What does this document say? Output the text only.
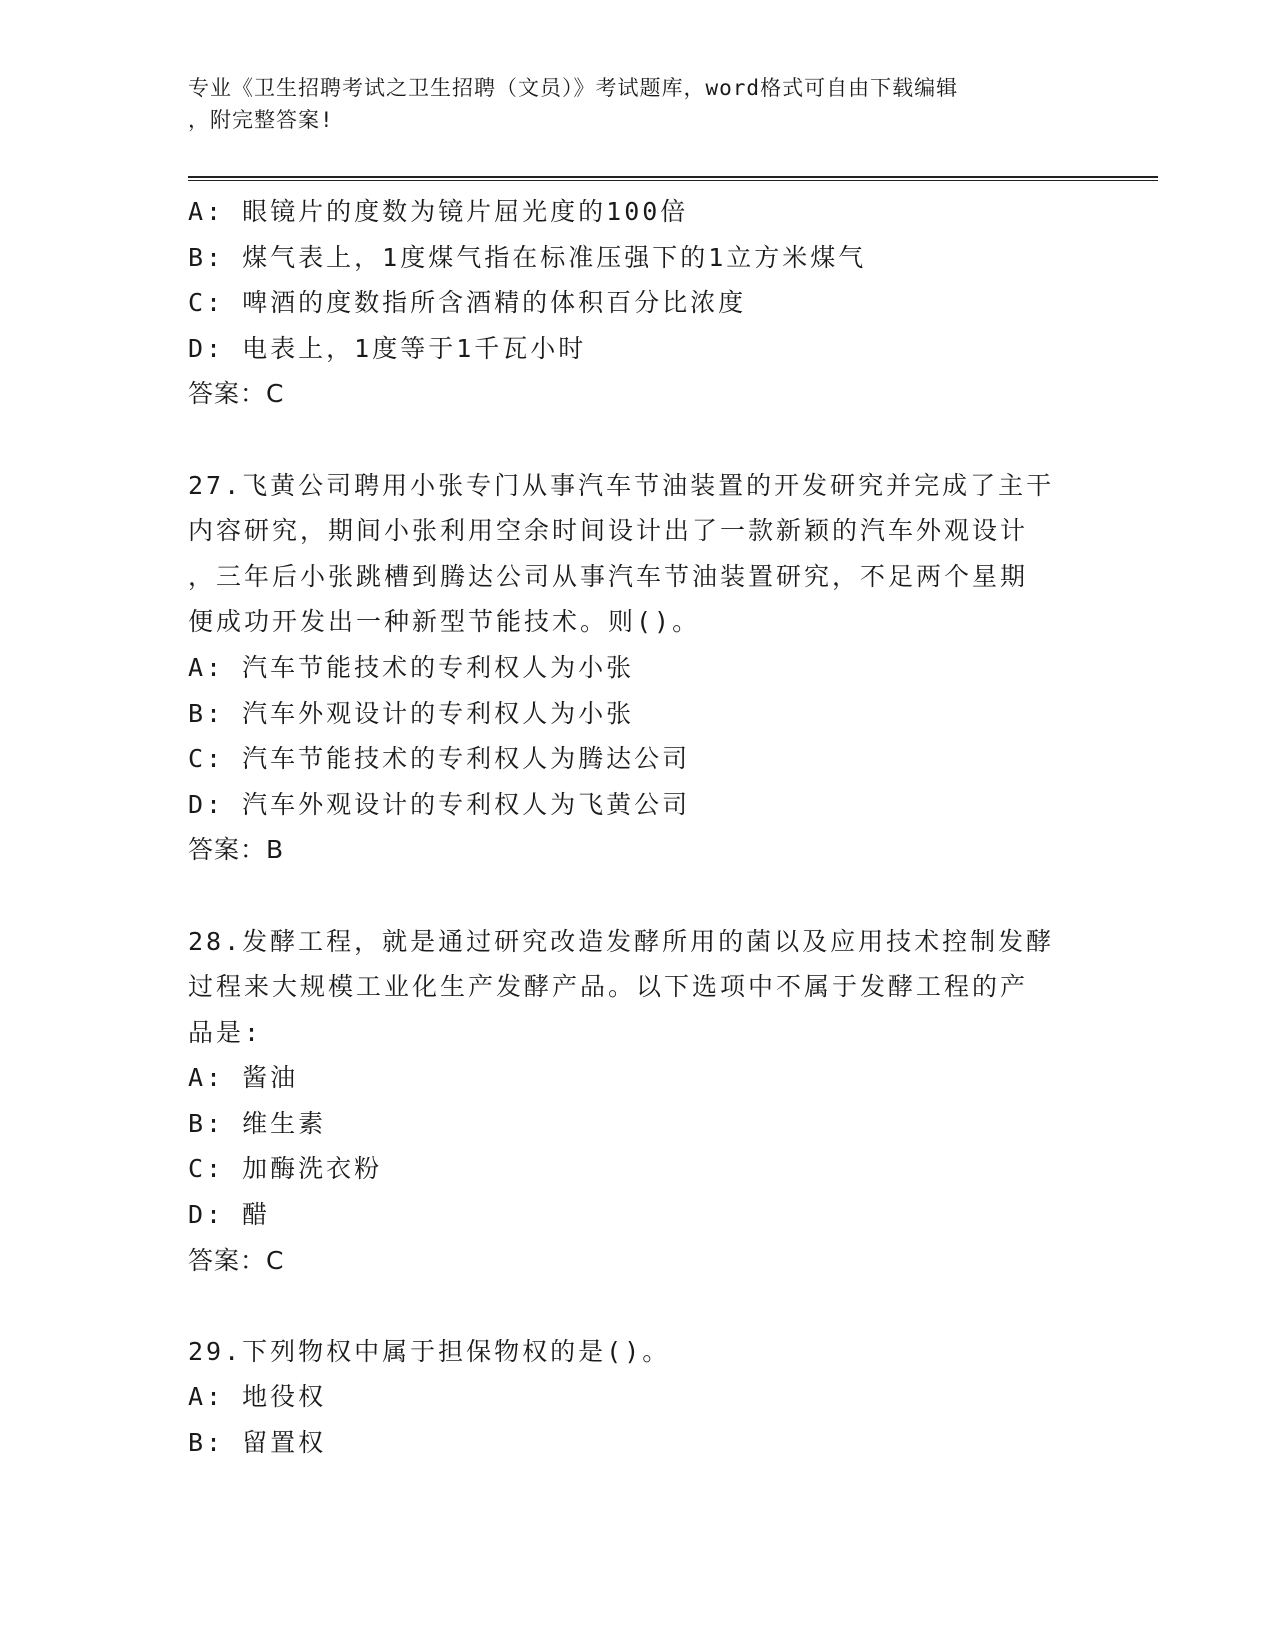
专业《卫生招聘考试之卫生招聘（文员）》考试题库，word格式可自由下载编辑
，附完整答案!
A: 眼镜片的度数为镜片屈光度的100倍
B: 煤气表上，1度煤气指在标准压强下的1立方米煤气
C: 啤酒的度数指所含酒精的体积百分比浓度
D: 电表上，1度等于1千瓦小时
答案：C
27.飞黄公司聘用小张专门从事汽车节油装置的开发研究并完成了主干
内容研究，期间小张利用空余时间设计出了一款新颖的汽车外观设计
，三年后小张跳槽到腾达公司从事汽车节油装置研究，不足两个星期
便成功开发出一种新型节能技术。则()。
A: 汽车节能技术的专利权人为小张
B: 汽车外观设计的专利权人为小张
C: 汽车节能技术的专利权人为腾达公司
D: 汽车外观设计的专利权人为飞黄公司
答案：B
28.发酵工程，就是通过研究改造发酵所用的菌以及应用技术控制发酵
过程来大规模工业化生产发酵产品。以下选项中不属于发酵工程的产
品是:
A: 酱油
B: 维生素
C: 加酶洗衣粉
D: 醋
答案：C
29.下列物权中属于担保物权的是()。
A: 地役权
B: 留置权
